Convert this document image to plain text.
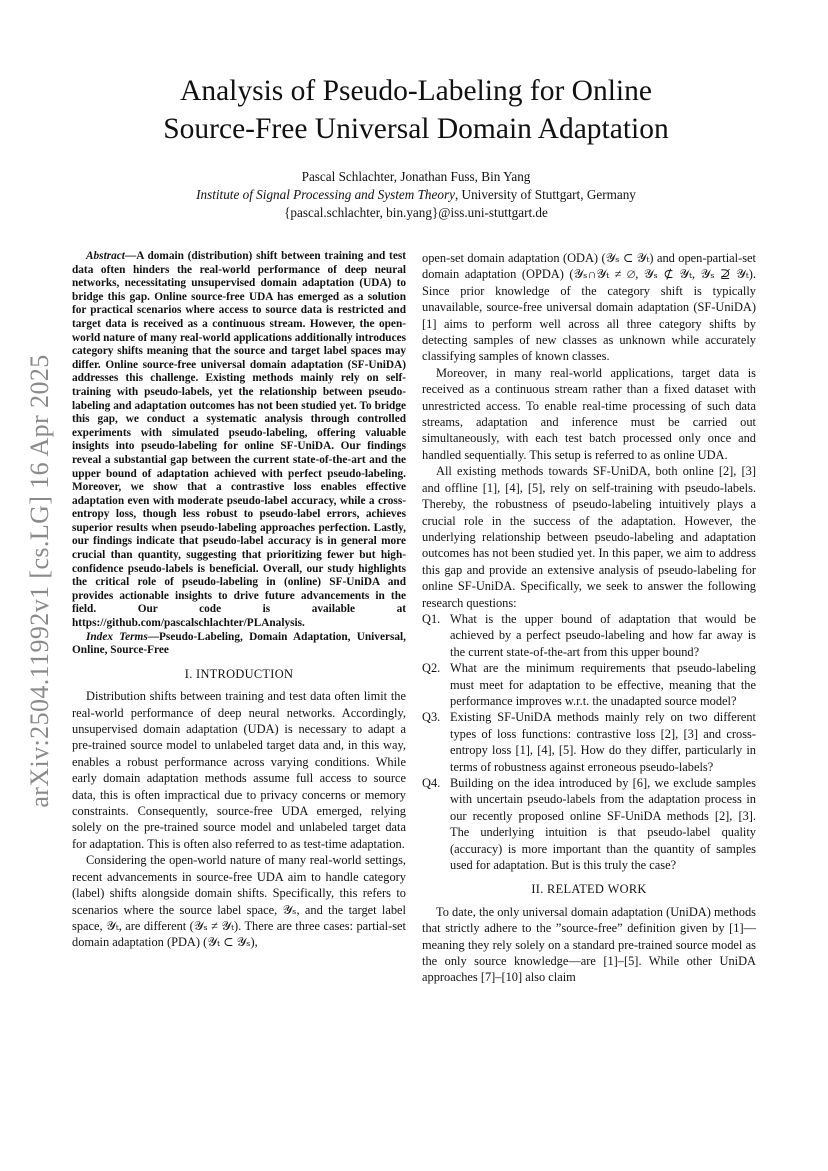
arXiv:2504.11992v1 [cs.LG] 16 Apr 2025
Analysis of Pseudo-Labeling for Online
Source-Free Universal Domain Adaptation
Pascal Schlachter, Jonathan Fuss, Bin Yang
Institute of Signal Processing and System Theory, University of Stuttgart, Germany
{pascal.schlachter, bin.yang}@iss.uni-stuttgart.de

Abstract—A domain (distribution) shift between training and test data often hinders the real-world performance of deep neural networks, necessitating unsupervised domain adaptation (UDA) to bridge this gap. Online source-free UDA has emerged as a solution for practical scenarios where access to source data is restricted and target data is received as a continuous stream. However, the open-world nature of many real-world applications additionally introduces category shifts meaning that the source and target label spaces may differ. Online source-free universal domain adaptation (SF-UniDA) addresses this challenge. Existing methods mainly rely on self-training with pseudo-labels, yet the relationship between pseudo-labeling and adaptation outcomes has not been studied yet. To bridge this gap, we conduct a systematic analysis through controlled experiments with simulated pseudo-labeling, offering valuable insights into pseudo-labeling for online SF-UniDA. Our findings reveal a substantial gap between the current state-of-the-art and the upper bound of adaptation achieved with perfect pseudo-labeling. Moreover, we show that a contrastive loss enables effective adaptation even with moderate pseudo-label accuracy, while a cross-entropy loss, though less robust to pseudo-label errors, achieves superior results when pseudo-labeling approaches perfection. Lastly, our findings indicate that pseudo-label accuracy is in general more crucial than quantity, suggesting that prioritizing fewer but high-confidence pseudo-labels is beneficial. Overall, our study highlights the critical role of pseudo-labeling in (online) SF-UniDA and provides actionable insights to drive future advancements in the field. Our code is available at https://github.com/pascalschlachter/PLAnalysis.

Index Terms—Pseudo-Labeling, Domain Adaptation, Universal, Online, Source-Free

I. INTRODUCTION

Distribution shifts between training and test data often limit the real-world performance of deep neural networks. Accordingly, unsupervised domain adaptation (UDA) is necessary to adapt a pre-trained source model to unlabeled target data and, in this way, enables a robust performance across varying conditions. While early domain adaptation methods assume full access to source data, this is often impractical due to privacy concerns or memory constraints. Consequently, source-free UDA emerged, relying solely on the pre-trained source model and unlabeled target data for adaptation. This is often also referred to as test-time adaptation.

Considering the open-world nature of many real-world settings, recent advancements in source-free UDA aim to handle category (label) shifts alongside domain shifts. Specifically, this refers to scenarios where the source label space, 𝒴ₛ, and the target label space, 𝒴ₜ, are different (𝒴ₛ ≠ 𝒴ₜ). There are three cases: partial-set domain adaptation (PDA) (𝒴ₜ ⊂ 𝒴ₛ),

open-set domain adaptation (ODA) (𝒴ₛ ⊂ 𝒴ₜ) and open-partial-set domain adaptation (OPDA) (𝒴ₛ∩𝒴ₜ ≠ ∅, 𝒴ₛ ⊄ 𝒴ₜ, 𝒴ₛ ⊉ 𝒴ₜ). Since prior knowledge of the category shift is typically unavailable, source-free universal domain adaptation (SF-UniDA) [1] aims to perform well across all three category shifts by detecting samples of new classes as unknown while accurately classifying samples of known classes.

Moreover, in many real-world applications, target data is received as a continuous stream rather than a fixed dataset with unrestricted access. To enable real-time processing of such data streams, adaptation and inference must be carried out simultaneously, with each test batch processed only once and handled sequentially. This setup is referred to as online UDA.

All existing methods towards SF-UniDA, both online [2], [3] and offline [1], [4], [5], rely on self-training with pseudo-labels. Thereby, the robustness of pseudo-labeling intuitively plays a crucial role in the success of the adaptation. However, the underlying relationship between pseudo-labeling and adaptation outcomes has not been studied yet. In this paper, we aim to address this gap and provide an extensive analysis of pseudo-labeling for online SF-UniDA. Specifically, we seek to answer the following research questions:

Q1. What is the upper bound of adaptation that would be achieved by a perfect pseudo-labeling and how far away is the current state-of-the-art from this upper bound?
Q2. What are the minimum requirements that pseudo-labeling must meet for adaptation to be effective, meaning that the performance improves w.r.t. the unadapted source model?
Q3. Existing SF-UniDA methods mainly rely on two different types of loss functions: contrastive loss [2], [3] and cross-entropy loss [1], [4], [5]. How do they differ, particularly in terms of robustness against erroneous pseudo-labels?
Q4. Building on the idea introduced by [6], we exclude samples with uncertain pseudo-labels from the adaptation process in our recently proposed online SF-UniDA methods [2], [3]. The underlying intuition is that pseudo-label quality (accuracy) is more important than the quantity of samples used for adaptation. But is this truly the case?
II. RELATED WORK

To date, the only universal domain adaptation (UniDA) methods that strictly adhere to the ”source-free” definition given by [1]—meaning they rely solely on a standard pre-trained source model as the only source knowledge—are [1]–[5]. While other UniDA approaches [7]–[10] also claim
